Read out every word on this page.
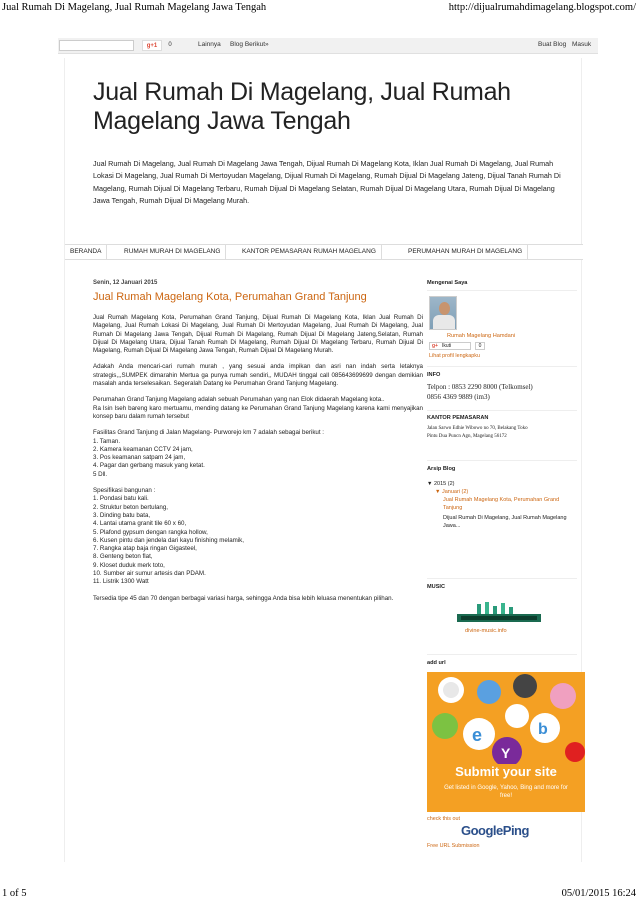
Jual Rumah Di Magelang, Jual Rumah Magelang Jawa Tengah	http://dijualrumahdimagelang.blogspot.com/
g+1	0	Lainnya Blog Berikut»	Buat Blog Masuk
Jual Rumah Di Magelang, Jual Rumah Magelang Jawa Tengah
Jual Rumah Di Magelang, Jual Rumah Di Magelang Jawa Tengah, Dijual Rumah Di Magelang Kota, Iklan Jual Rumah Di Magelang, Jual Rumah Lokasi Di Magelang, Jual Rumah Di Mertoyudan Magelang, Dijual Rumah Di Magelang, Rumah Dijual Di Magelang Jateng, Dijual Tanah Rumah Di Magelang, Rumah Dijual Di Magelang Terbaru, Rumah Dijual Di Magelang Selatan, Rumah Dijual Di Magelang Utara, Rumah Dijual Di Magelang Jawa Tengah, Rumah Dijual Di Magelang Murah.
BERANDA	RUMAH MURAH DI MAGELANG	KANTOR PEMASARAN RUMAH MAGELANG	PERUMAHAN MURAH DI MAGELANG
Senin, 12 Januari 2015
Jual Rumah Magelang Kota, Perumahan Grand Tanjung

Jual Rumah Magelang Kota, Perumahan Grand Tanjung, Dijual Rumah Di Magelang Kota, Iklan Jual Rumah Di Magelang, Jual Rumah Lokasi Di Magelang, Jual Rumah Di Mertoyudan Magelang, Jual Rumah Di Magelang, Jual Rumah Di Magelang Jawa Tengah, Dijual Rumah Di Magelang, Rumah Dijual Di Magelang Jateng,Selatan, Rumah Dijual Di Magelang Utara, Dijual Tanah Rumah Di Magelang, Rumah Dijual Di Magelang Terbaru, Rumah Dijual Di Magelang, Rumah Dijual Di Magelang Jawa Tengah, Rumah Dijual Di Magelang Murah.

Adakah Anda mencari-cari rumah murah , yang sesuai anda impikan dan asri nan indah serta letaknya strategis,,,SUMPEK dimarahin Mertua ga punya rumah sendiri,, MUDAH tinggal call 085643699699 dengan demikian masalah anda terselesaikan. Segeralah Datang ke Perumahan Grand Tanjung Magelang.

Perumahan Grand Tanjung Magelang adalah sebuah Perumahan yang nan Elok didaerah Magelang kota..

Ra Isin Iseh bareng karo mertuamu, mending datang ke Perumahan Grand Tanjung Magelang karena kami menyajikan konsep baru dalam rumah tersebut

Fasilitas Grand Tanjung di Jalan Magelang- Purworejo km 7 adalah sebagai berikut :
1. Taman.
2. Kamera keamanan CCTV 24 jam,
3. Pos keamanan satpam 24 jam,
4. Pagar dan gerbang masuk yang ketat.
5 Dll.
Spesifikasi bangunan :
1. Pondasi batu kali.
2. Struktur beton bertulang,
3. Dinding batu bata,
4. Lantai utama granit tile 60 x 60,
5. Plafond gypsum dengan rangka hollow,
6. Kusen pintu dan jendela dari kayu finishing melamik,
7. Rangka atap baja ringan Gigasteel,
8. Genteng beton flat,
9. Kloset duduk merk toto,
10. Sumber air sumur artesis dan PDAM.
11. Listrik 1300 Watt

Tersedia tipe 45 dan 70 dengan berbagai variasi harga, sehingga Anda bisa lebih leluasa menentukan pilihan.

Mengenai Saya
Rumah Magelang Hamdani
g+ Ikuti	0
Lihat profil lengkapku
INFO
Telpon : 0853 2290 8000 (Telkomsel)
0856 4369 9889 (im3)
KANTOR PEMASARAN
Jalan Sarwo Edhie Wibowo no 70, Belakang Toko
Pintu Dua Puncn Agn, Magelang 56172
Arsip Blog
▼ 2015 (2)
▼ Januari (2)
Jual Rumah Magelang Kota, Perumahan Grand Tanjung
Dijual Rumah Di Magelang, Jual Rumah Magelang Jawa...
MUSIC
divine-music.info
add url
e	b
Y
Submit your site
Get listed in Google, Yahoo, Bing and more for free!
check this out
GooglePing
Free URL Submission
1 of 5	05/01/2015 16:24
